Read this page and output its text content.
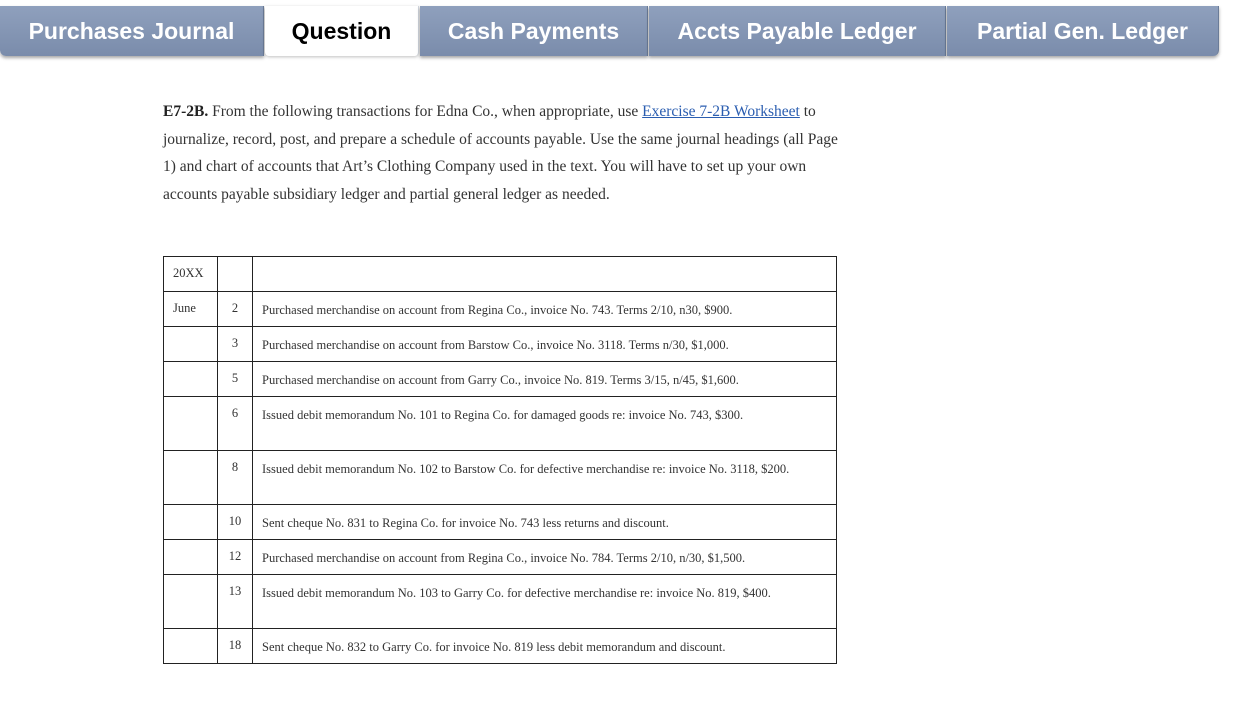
Purchases Journal	Question	Cash Payments	Accts Payable Ledger	Partial Gen. Ledger

E7-2B. From the following transactions for Edna Co., when appropriate, use Exercise 7-2B Worksheet to journalize, record, post, and prepare a schedule of accounts payable. Use the same journal headings (all Page 1) and chart of accounts that Art’s Clothing Company used in the text. You will have to set up your own accounts payable subsidiary ledger and partial general ledger as needed.

20XX		
June	2	Purchased merchandise on account from Regina Co., invoice No. 743. Terms 2/10, n30, $900.
	3	Purchased merchandise on account from Barstow Co., invoice No. 3118. Terms n/30, $1,000.
	5	Purchased merchandise on account from Garry Co., invoice No. 819. Terms 3/15, n/45, $1,600.
	6	Issued debit memorandum No. 101 to Regina Co. for damaged goods re: invoice No. 743, $300.
	8	Issued debit memorandum No. 102 to Barstow Co. for defective merchandise re: invoice No. 3118, $200.
	10	Sent cheque No. 831 to Regina Co. for invoice No. 743 less returns and discount.
	12	Purchased merchandise on account from Regina Co., invoice No. 784. Terms 2/10, n/30, $1,500.
	13	Issued debit memorandum No. 103 to Garry Co. for defective merchandise re: invoice No. 819, $400.
	18	Sent cheque No. 832 to Garry Co. for invoice No. 819 less debit memorandum and discount.
